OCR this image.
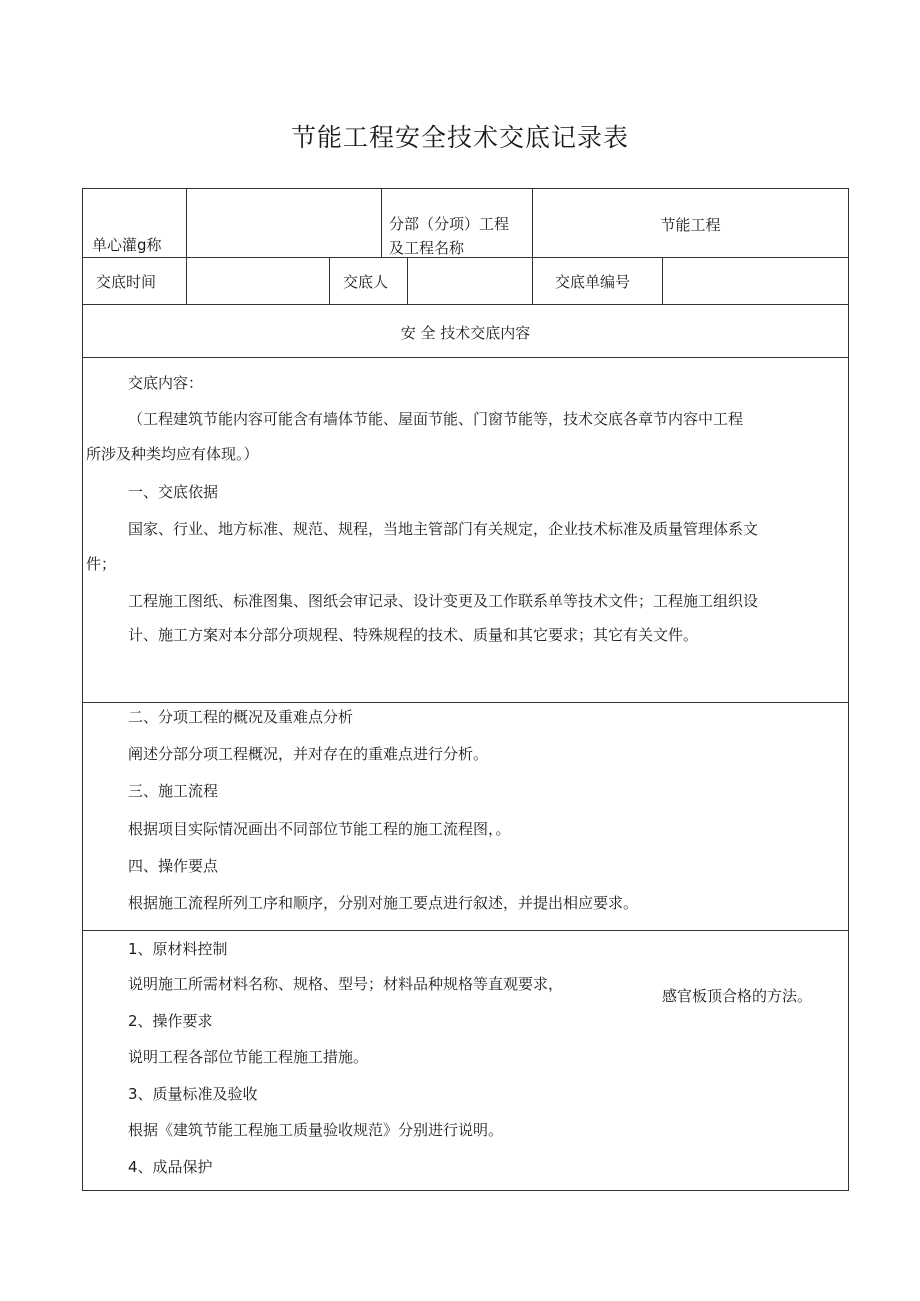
节能工程安全技术交底记录表
单心灌g称
分部（分项）工程
及工程名称
节能工程
交底时间	交底人	交底单编号
安 全 技术交底内容
交底内容：
（工程建筑节能内容可能含有墙体节能、屋面节能、门窗节能等，技术交底各章节内容中工程
所涉及种类均应有体现。）
一、交底依据
国家、行业、地方标准、规范、规程，当地主管部门有关规定，企业技术标准及质量管理体系文
件；
工程施工图纸、标准图集、图纸会审记录、设计变更及工作联系单等技术文件；工程施工组织设
计、施工方案对本分部分项规程、特殊规程的技术、质量和其它要求；其它有关文件。
二、分项工程的概况及重难点分析
阐述分部分项工程概况，并对存在的重难点进行分析。
三、施工流程
根据项目实际情况画出不同部位节能工程的施工流程图，。
四、操作要点
根据施工流程所列工序和顺序，分别对施工要点进行叙述，并提出相应要求。
1、原材料控制
说明施工所需材料名称、规格、型号；材料品种规格等直观要求，
感官板顶合格的方法。
2、操作要求
说明工程各部位节能工程施工措施。
3、质量标准及验收
根据《建筑节能工程施工质量验收规范》分别进行说明。
4、成品保护
